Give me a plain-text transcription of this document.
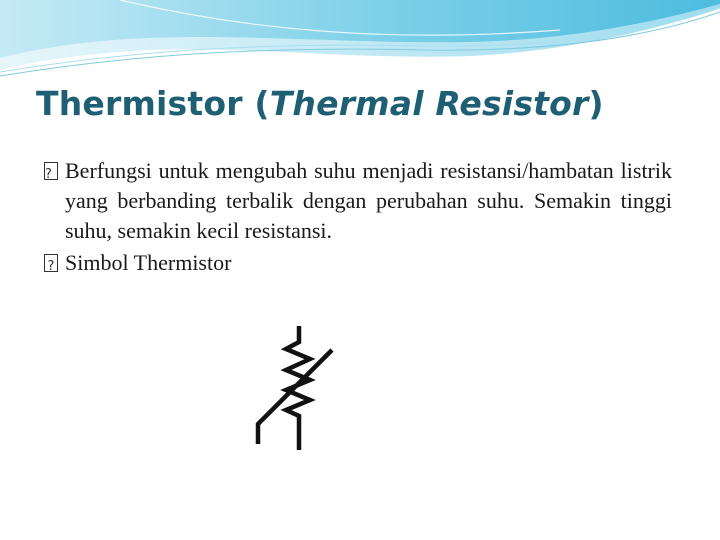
Thermistor (Thermal Resistor)
?
Berfungsi untuk mengubah suhu menjadi resistansi/hambatan listrik yang berbanding terbalik dengan perubahan suhu. Semakin tinggi suhu, semakin kecil resistansi.
?
Simbol Thermistor
